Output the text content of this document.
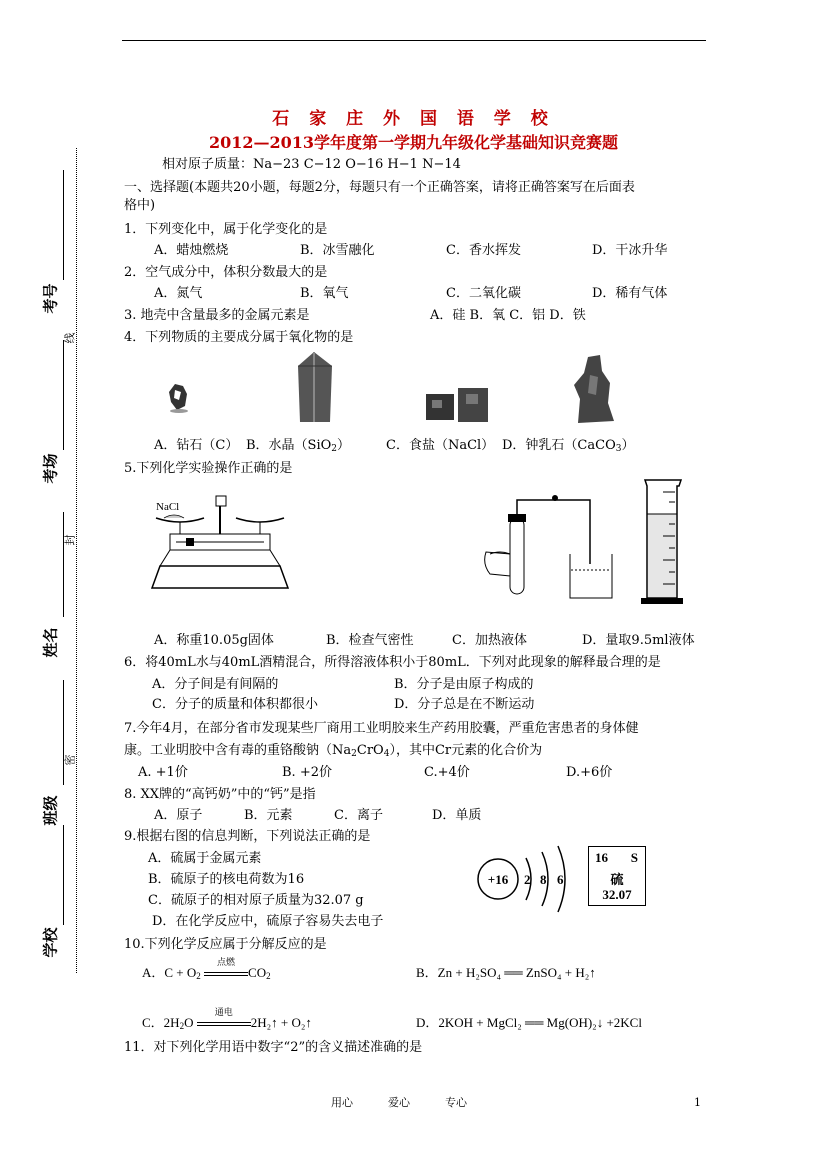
考号
线
考场
封
姓名
密
班级
学校
石 家 庄 外 国 语 学 校
2012—2013学年度第一学期九年级化学基础知识竞赛题
相对原子质量：Na−23 C−12 O−16 H−1 N−14
一、选择题(本题共20小题，每题2分，每题只有一个正确答案，请将正确答案写在后面表
格中)
1．下列变化中，属于化学变化的是
A．蜡烛燃烧	B．冰雪融化	C．香水挥发	D．干冰升华
2．空气成分中，体积分数最大的是
A．氮气	B．氧气	C．二氧化碳	D．稀有气体
3. 地壳中含量最多的金属元素是	A．硅 B．氧 C．铝 D．铁
4．下列物质的主要成分属于氧化物的是
A．钻石（C） B．水晶（SiO$_2$）	C．食盐（NaCl） D．钟乳石（CaCO$_3$）
5.下列化学实验操作正确的是
NaCl
A．称重10.05g固体	B．检查气密性	C．加热液体	D．量取9.5ml液体
6．将40mL水与40mL酒精混合，所得溶液体积小于80mL．下列对此现象的解释最合理的是
A．分子间是有间隔的	B．分子是由原子构成的
C．分子的质量和体积都很小	D．分子总是在不断运动
7.今年4月，在部分省市发现某些厂商用工业明胶来生产药用胶囊，严重危害患者的身体健
康。工业明胶中含有毒的重铬酸钠$(Na_2CrO_4)$，其中Cr元素的化合价为
A. +1价	B. +2价	C.+4价	D.+6价
8. XX牌的“高钙奶”中的“钙”是指
A．原子	B．元素	C．离子	D．单质
9.根据右图的信息判断，下列说法正确的是
A．硫属于金属元素
B．硫原子的核电荷数为16
C．硫原子的相对原子质量为32.07 g
D．在化学反应中，硫原子容易失去电子
+16 2 8 6
16 S
硫
32.07
10.下列化学反应属于分解反应的是
A．$C + O_2$
点燃
$CO_2$	B．Zn + H₂SO₄ ══ ZnSO₄ + H₂↑
C．$2H_2O$
通电
2H₂↑ + O₂↑	D．2KOH + MgCl₂ ══ Mg(OH)₂↓ +2KCl
11．对下列化学用语中数字“2”的含义描述准确的是
用心	爱心	专心	1
